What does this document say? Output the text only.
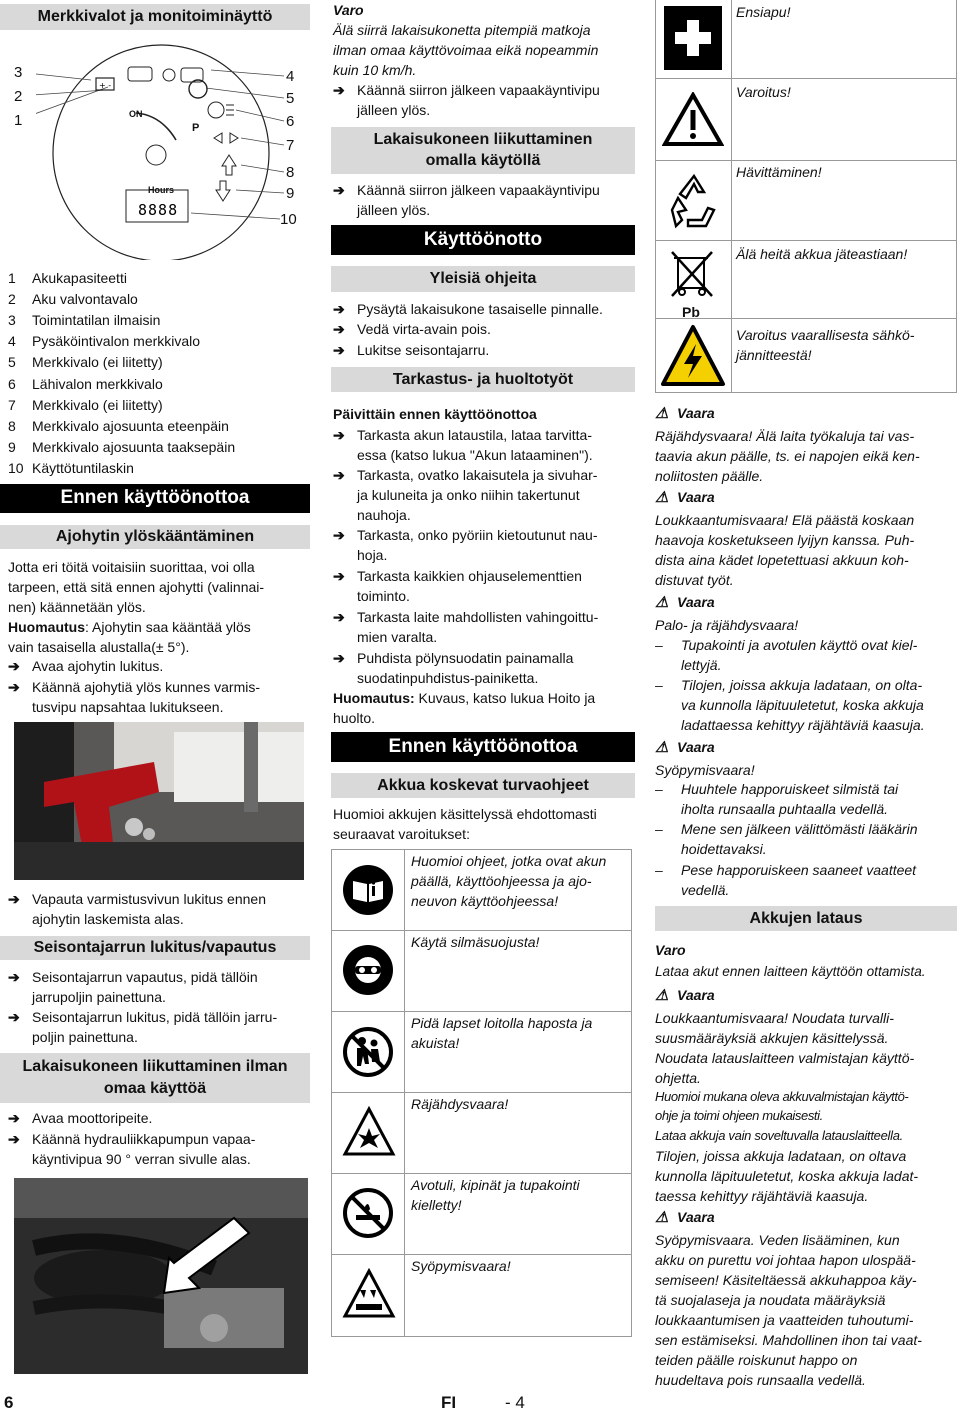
Merkkivalot ja monitoiminäyttö
3
2
1
4
5
6
7
8
9
10
+ -
8888
ON
P
Hours
1 Akukapasiteetti
2 Aku valvontavalo
3 Toimintatilan ilmaisin
4 Pysäköintivalon merkkivalo
5 Merkkivalo (ei liitetty)
6 Lähivalon merkkivalo
7 Merkkivalo (ei liitetty)
8 Merkkivalo ajosuunta eteenpäin
9 Merkkivalo ajosuunta taaksepäin
10 Käyttötuntilaskin
Ennen käyttöönottoa
Ajohytin ylöskääntäminen
Jotta eri töitä voitaisiin suorittaa, voi olla
tarpeen, että sitä ennen ajohytti (valinnai-
nen) käännetään ylös.
Huomautus: Ajohytin saa kääntää ylös
vain tasaisella alustalla(± 5°).
➔ Avaa ajohytin lukitus.
➔ Käännä ajohytiä ylös kunnes varmis-
tusvipu napsahtaa lukitukseen.
➔ Vapauta varmistusvivun lukitus ennen
ajohytin laskemista alas.
Seisontajarrun lukitus/vapautus
➔ Seisontajarrun vapautus, pidä tällöin
jarrupoljin painettuna.
➔ Seisontajarrun lukitus, pidä tällöin jarru-
poljin painettuna.
Lakaisukoneen liikuttaminen ilman
omaa käyttöä
➔ Avaa moottoripeite.
➔ Käännä hydrauliikkapumpun vapaa-
käyntivipua 90 ° verran sivulle alas.
Varo
Älä siirrä lakaisukonetta pitempiä matkoja
ilman omaa käyttövoimaa eikä nopeammin
kuin 10 km/h.
➔ Käännä siirron jälkeen vapaakäyntivipu
jälleen ylös.
Lakaisukoneen liikuttaminen
omalla käytöllä
➔ Käännä siirron jälkeen vapaakäyntivipu
jälleen ylös.
Käyttöönotto
Yleisiä ohjeita
➔ Pysäytä lakaisukone tasaiselle pinnalle.
➔ Vedä virta-avain pois.
➔ Lukitse seisontajarru.
Tarkastus- ja huoltotyöt
Päivittäin ennen käyttöönottoa
➔ Tarkasta akun lataustila, lataa tarvitta-
essa (katso lukua "Akun lataaminen").
➔ Tarkasta, ovatko lakaisutela ja sivuhar-
ja kuluneita ja onko niihin takertunut
nauhoja.
➔ Tarkasta, onko pyöriin kietoutunut nau-
hoja.
➔ Tarkasta kaikkien ohjauselementtien
toiminto.
➔ Tarkasta laite mahdollisten vahingoittu-
mien varalta.
➔ Puhdista pölynsuodatin painamalla
suodatinpuhdistus-painiketta.
Huomautus: Kuvaus, katso lukua Hoito ja
huolto.
Ennen käyttöönottoa
Akkua koskevat turvaohjeet
Huomioi akkujen käsittelyssä ehdottomasti
seuraavat varoitukset:
Huomioi ohjeet, jotka ovat akun
päällä, käyttöohjeessa ja ajo-
neuvon käyttöohjeessa!
Käytä silmäsuojusta!
Pidä lapset loitolla haposta ja
akuista!
Räjähdysvaara!
Avotuli, kipinät ja tupakointi
kielletty!
Syöpymisvaara!
Pb
Ensiapu!
Varoitus!
Hävittäminen!
Älä heitä akkua jäteastiaan!
Varoitus vaarallisesta sähkö-
jännitteestä!
⚠ Vaara
Räjähdysvaara! Älä laita työkaluja tai vas-
taavia akun päälle, ts. ei napojen eikä ken-
noliitosten päälle.
⚠ Vaara
Loukkaantumisvaara! Elä päästä koskaan
haavoja kosketukseen lyijyn kanssa. Puh-
dista aina kädet lopetettuasi akkuun koh-
distuvat työt.
⚠ Vaara
Palo- ja räjähdysvaara!
– Tupakointi ja avotulen käyttö ovat kiel-
lettyjä.
– Tilojen, joissa akkuja ladataan, on olta-
va kunnolla läpituuletetut, koska akkuja
ladattaessa kehittyy räjähtäviä kaasuja.
⚠ Vaara
Syöpymisvaara!
– Huuhtele happoruiskeet silmistä tai
iholta runsaalla puhtaalla vedellä.
– Mene sen jälkeen välittömästi lääkärin
hoidettavaksi.
– Pese happoruiskeen saaneet vaatteet
vedellä.
Akkujen lataus
Varo
Lataa akut ennen laitteen käyttöön ottamista.
⚠ Vaara
Loukkaantumisvaara! Noudata turvalli-
suusmääräyksiä akkujen käsittelyssä.
Noudata latauslaitteen valmistajan käyttö-
ohjetta.
Huomioi mukana oleva akkuvalmistajan käyttö-
ohje ja toimi ohjeen mukaisesti.
Lataa akkuja vain soveltuvalla latauslaitteella.
Tilojen, joissa akkuja ladataan, on oltava
kunnolla läpituuletetut, koska akkuja ladat-
taessa kehittyy räjähtäviä kaasuja.
⚠ Vaara
Syöpymisvaara. Veden lisääminen, kun
akku on purettu voi johtaa hapon ulospää-
semiseen! Käsiteltäessä akkuhappoa käy-
tä suojalaseja ja noudata määräyksiä
loukkaantumisen ja vaatteiden tuhoutumi-
sen estämiseksi. Mahdollinen ihon tai vaat-
teiden päälle roiskunut happo on
huudeltava pois runsaalla vedellä.
6	FI	- 4
